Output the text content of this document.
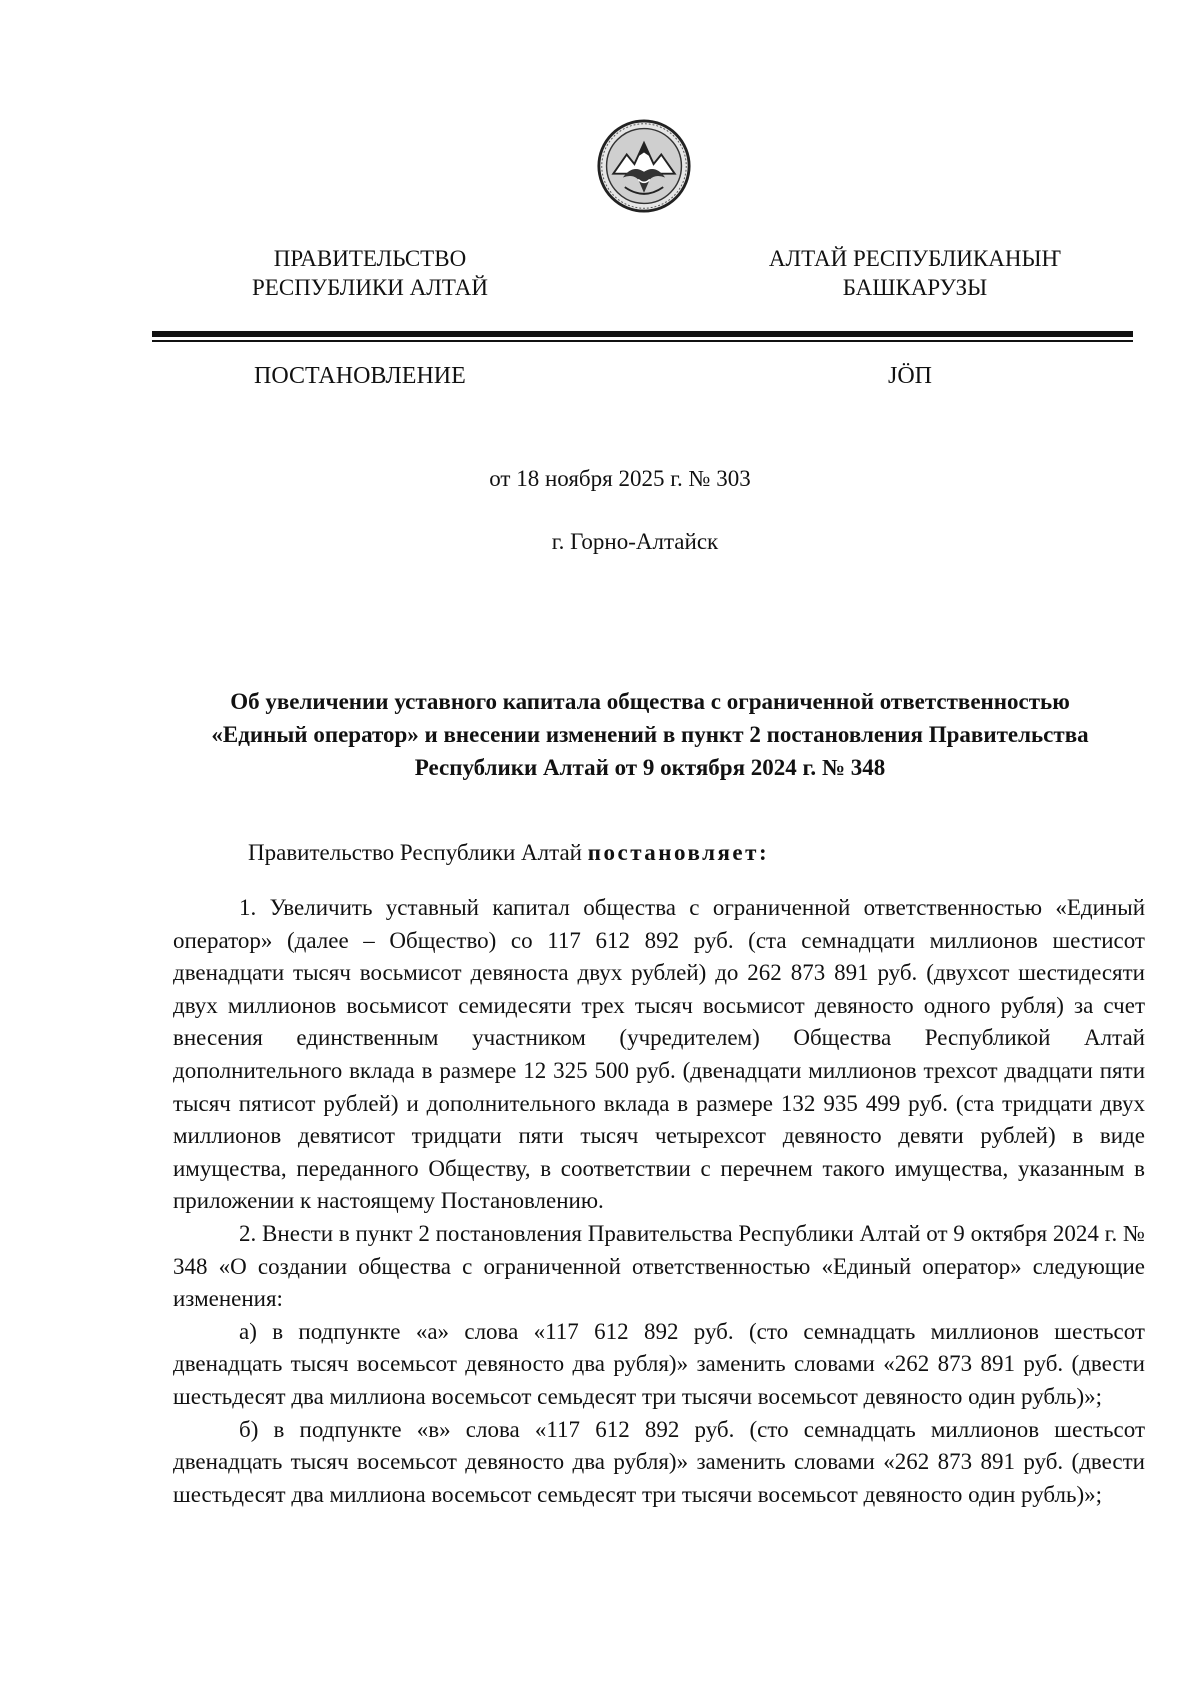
ПРАВИТЕЛЬСТВО
РЕСПУБЛИКИ АЛТАЙ
АЛТАЙ РЕСПУБЛИКАНЫҤ
БАШКАРУЗЫ
ПОСТАНОВЛЕНИЕ	JÖП
от 18 ноября 2025 г. № 303
г. Горно-Алтайск
Об увеличении уставного капитала общества с ограниченной ответственностью
«Единый оператор» и внесении изменений в пункт 2 постановления Правительства
Республики Алтай от 9 октября 2024 г. № 348
Правительство Республики Алтай постановляет:

1. Увеличить уставный капитал общества с ограниченной ответственностью «Единый оператор» (далее – Общество) со 117 612 892 руб. (ста семнадцати миллионов шестисот двенадцати тысяч восьмисот девяноста двух рублей) до 262 873 891 руб. (двухсот шестидесяти двух миллионов восьмисот семидесяти трех тысяч восьмисот девяносто одного рубля) за счет внесения единственным участником (учредителем) Общества Республикой Алтай дополнительного вклада в размере 12 325 500 руб. (двенадцати миллионов трехсот двадцати пяти тысяч пятисот рублей) и дополнительного вклада в размере 132 935 499 руб. (ста тридцати двух миллионов девятисот тридцати пяти тысяч четырехсот девяносто девяти рублей) в виде имущества, переданного Обществу, в соответствии с перечнем такого имущества, указанным в приложении к настоящему Постановлению.

2. Внести в пункт 2 постановления Правительства Республики Алтай от 9 октября 2024 г. № 348 «О создании общества с ограниченной ответственностью «Единый оператор» следующие изменения:

а) в подпункте «а» слова «117 612 892 руб. (сто семнадцать миллионов шестьсот двенадцать тысяч восемьсот девяносто два рубля)» заменить словами «262 873 891 руб. (двести шестьдесят два миллиона восемьсот семьдесят три тысячи восемьсот девяносто один рубль)»;

б) в подпункте «в» слова «117 612 892 руб. (сто семнадцать миллионов шестьсот двенадцать тысяч восемьсот девяносто два рубля)» заменить словами «262 873 891 руб. (двести шестьдесят два миллиона восемьсот семьдесят три тысячи восемьсот девяносто один рубль)»;
